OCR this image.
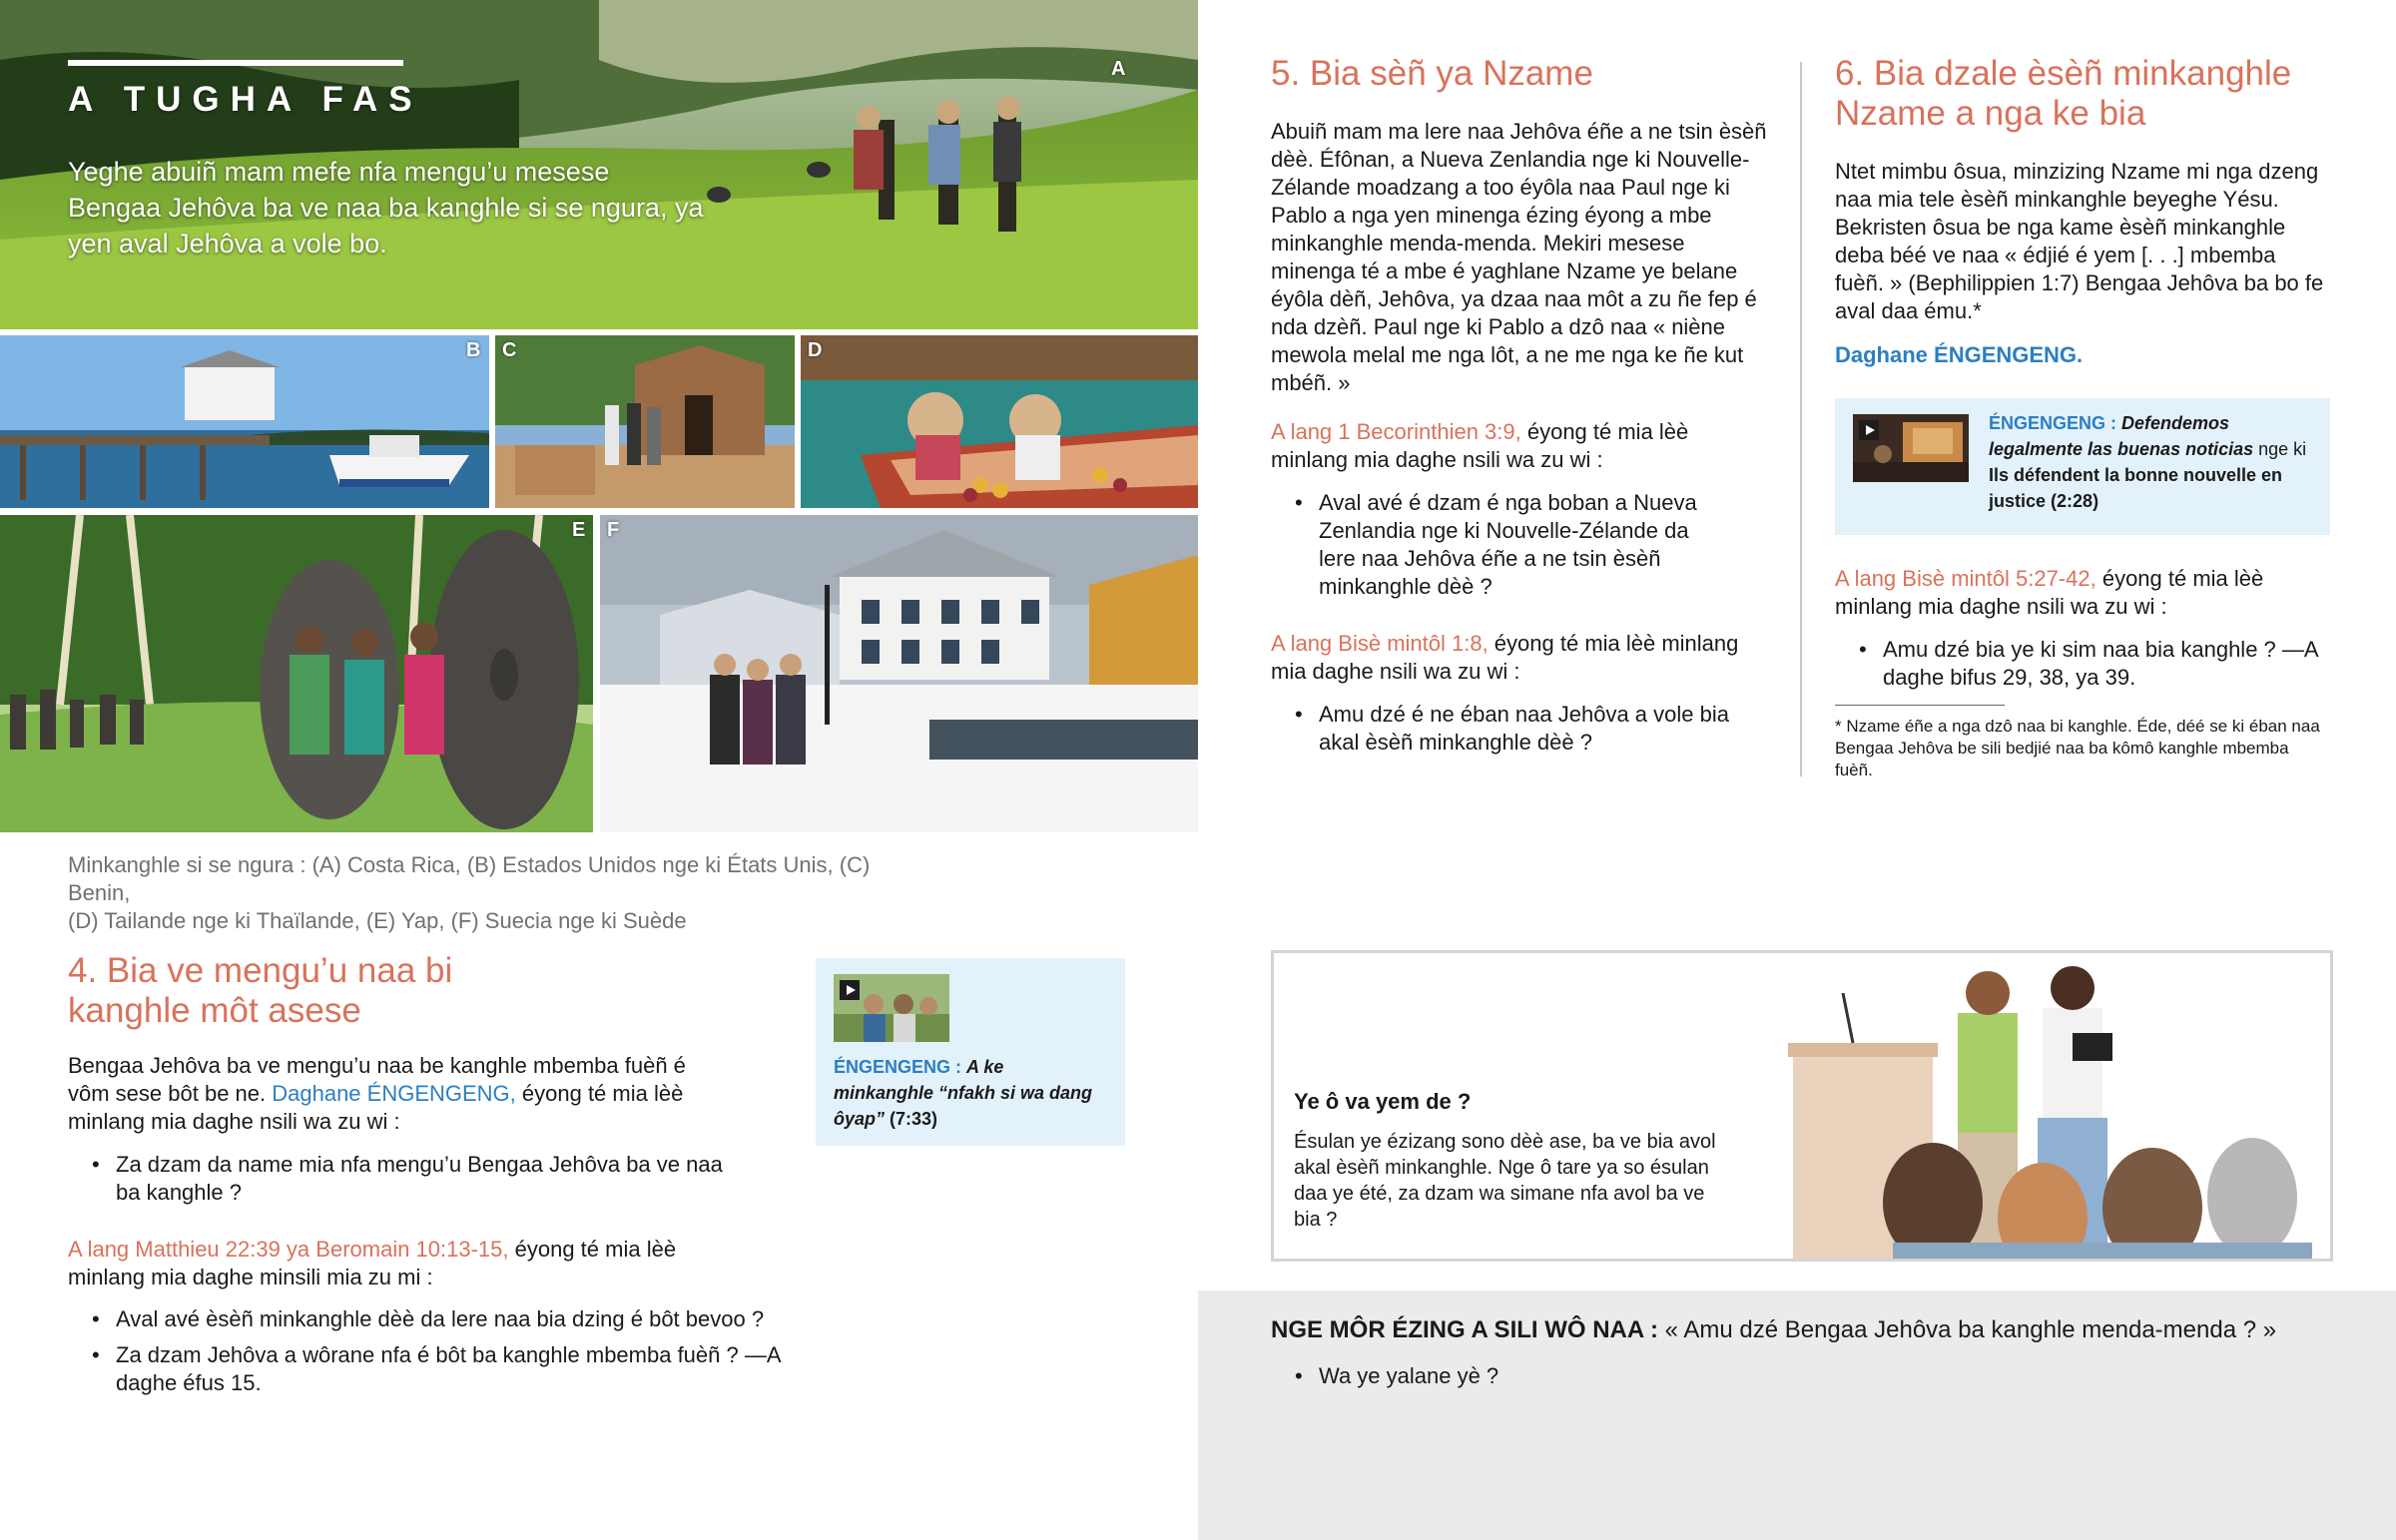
A TUGHA FAS
Yeghe abuiñ mam mefe nfa mengu’u mesese Bengaa Jehôva ba ve naa ba kanghle si se ngura, ya yen aval Jehôva a vole bo.
A
B C	D
E F
Minkanghle si se ngura : (A) Costa Rica, (B) Estados Unidos nge ki États Unis, (C) Benin,
(D) Tailande nge ki Thaïlande, (E) Yap, (F) Suecia nge ki Suède
4. Bia ve mengu’u naa bi
kanghle môt asese
Bengaa Jehôva ba ve mengu’u naa be kanghle mbemba fuèñ é vôm sese bôt be ne. Daghane ÉNGENGENG, éyong té mia lèè minlang mia daghe nsili wa zu wi :
• Za dzam da name mia nfa mengu’u Bengaa Jehôva ba ve naa ba kanghle ?
A lang Matthieu 22:39 ya Beromain 10:13-15, éyong té mia lèè minlang mia daghe minsili mia zu mi :
• Aval avé èsèñ minkanghle dèè da lere naa bia dzing é bôt bevoo ?
• Za dzam Jehôva a wôrane nfa é bôt ba kanghle mbemba fuèñ ? —A daghe éfus 15.
ÉNGENGENG : A ke minkanghle “nfakh si wa dang ôyap” (7:33)
5. Bia sèñ ya Nzame
Abuiñ mam ma lere naa Jehôva éñe a ne tsin èsèñ dèè. Éfônan, a Nueva Zenlandia nge ki Nouvelle-Zélande moadzang a too éyôla naa Paul nge ki Pablo a nga yen minenga ézing éyong a mbe minkanghle menda-menda. Mekiri mesese minenga té a mbe é yaghlane Nzame ye belane éyôla dèñ, Jehôva, ya dzaa naa môt a zu ñe fep é nda dzèñ. Paul nge ki Pablo a dzô naa « niène mewola melal me nga lôt, a ne me nga ke ñe kut mbéñ. »
A lang 1 Becorinthien 3:9, éyong té mia lèè minlang mia daghe nsili wa zu wi :
• Aval avé é dzam é nga boban a Nueva Zenlandia nge ki Nouvelle-Zélande da lere naa Jehôva éñe a ne tsin èsèñ minkanghle dèè ?
A lang Bisè mintôl 1:8, éyong té mia lèè minlang mia daghe nsili wa zu wi :
• Amu dzé é ne éban naa Jehôva a vole bia akal èsèñ minkanghle dèè ?
6. Bia dzale èsèñ minkanghle
Nzame a nga ke bia
Ntet mimbu ôsua, minzizing Nzame mi nga dzeng naa mia tele èsèñ minkanghle beyeghe Yésu. Bekristen ôsua be nga kame èsèñ minkanghle deba béé ve naa « édjié é yem [. . .] mbemba fuèñ. » (Bephilippien 1:7) Bengaa Jehôva ba bo fe aval daa ému.*
Daghane ÉNGENGENG.
ÉNGENGENG : Defendemos legalmente las buenas noticias nge ki Ils défendent la bonne nouvelle en justice (2:28)
A lang Bisè mintôl 5:27-42, éyong té mia lèè minlang mia daghe nsili wa zu wi :
• Amu dzé bia ye ki sim naa bia kanghle ? —A daghe bifus 29, 38, ya 39.
* Nzame éñe a nga dzô naa bi kanghle. Éde, déé se ki éban naa Bengaa Jehôva be sili bedjié naa ba kômô kanghle mbemba fuèñ.
Ye ô va yem de ?
Ésulan ye ézizang sono dèè ase, ba ve bia avol akal èsèñ minkanghle. Nge ô tare ya so ésulan daa ye été, za dzam wa simane nfa avol ba ve bia ?
NGE MÔR ÉZING A SILI WÔ NAA : « Amu dzé Bengaa Jehôva ba kanghle menda-menda ? »
• Wa ye yalane yè ?
